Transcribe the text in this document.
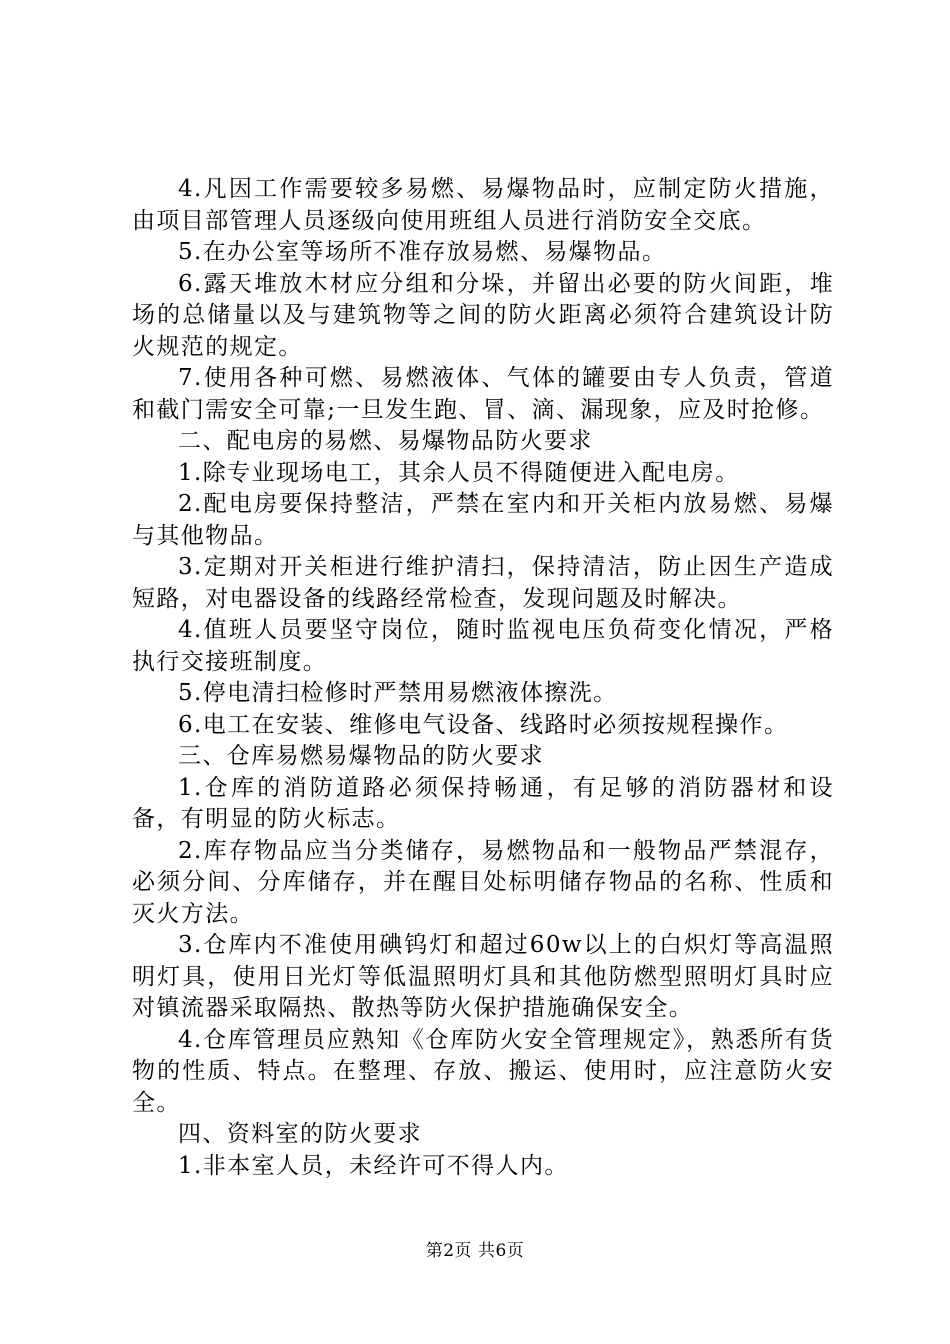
4.凡因工作需要较多易燃、易爆物品时，应制定防火措施，由项目部管理人员逐级向使用班组人员进行消防安全交底。

5.在办公室等场所不准存放易燃、易爆物品。

6.露天堆放木材应分组和分垛，并留出必要的防火间距，堆场的总储量以及与建筑物等之间的防火距离必须符合建筑设计防火规范的规定。

7.使用各种可燃、易燃液体、气体的罐要由专人负责，管道和截门需安全可靠;一旦发生跑、冒、滴、漏现象，应及时抢修。

二、配电房的易燃、易爆物品防火要求

1.除专业现场电工，其余人员不得随便进入配电房。

2.配电房要保持整洁，严禁在室内和开关柜内放易燃、易爆与其他物品。

3.定期对开关柜进行维护清扫，保持清洁，防止因生产造成短路，对电器设备的线路经常检查，发现问题及时解决。

4.值班人员要坚守岗位，随时监视电压负荷变化情况，严格执行交接班制度。

5.停电清扫检修时严禁用易燃液体擦洗。

6.电工在安装、维修电气设备、线路时必须按规程操作。

三、仓库易燃易爆物品的防火要求

1.仓库的消防道路必须保持畅通，有足够的消防器材和设备，有明显的防火标志。

2.库存物品应当分类储存，易燃物品和一般物品严禁混存，必须分间、分库储存，并在醒目处标明储存物品的名称、性质和灭火方法。

3.仓库内不准使用碘钨灯和超过60w以上的白炽灯等高温照明灯具，使用日光灯等低温照明灯具和其他防燃型照明灯具时应对镇流器采取隔热、散热等防火保护措施确保安全。

4.仓库管理员应熟知《仓库防火安全管理规定》，熟悉所有货物的性质、特点。在整理、存放、搬运、使用时，应注意防火安全。

四、资料室的防火要求

1.非本室人员，未经许可不得人内。

第2页 共6页
